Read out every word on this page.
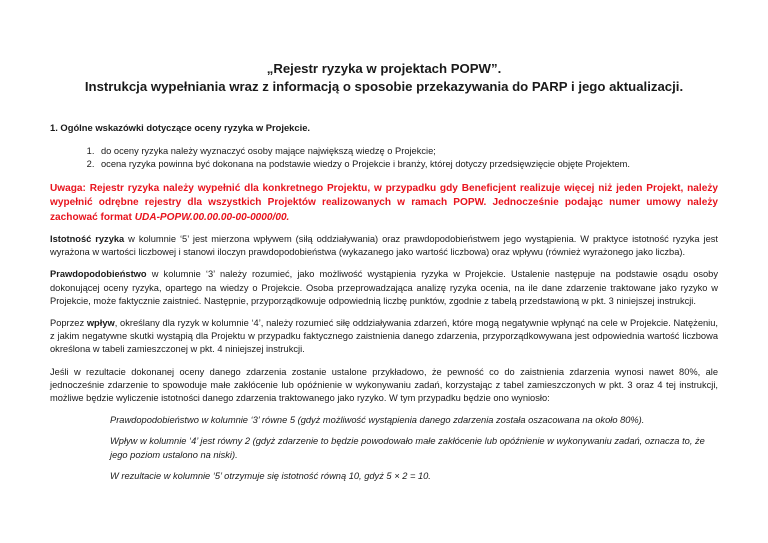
„Rejestr ryzyka w projektach POPW”.
Instrukcja wypełniania wraz z informacją o sposobie przekazywania do PARP i jego aktualizacji.
1. Ogólne wskazówki dotyczące oceny ryzyka w Projekcie.
1. do oceny ryzyka należy wyznaczyć osoby mające największą wiedzę o Projekcie;
2. ocena ryzyka powinna być dokonana na podstawie wiedzy o Projekcie i branży, której dotyczy przedsięwzięcie objęte Projektem.

Uwaga: Rejestr ryzyka należy wypełnić dla konkretnego Projektu, w przypadku gdy Beneficjent realizuje więcej niż jeden Projekt, należy wypełnić odrębne rejestry dla wszystkich Projektów realizowanych w ramach POPW. Jednocześnie podając numer umowy należy zachować format UDA-POPW.00.00.00-00-0000/00.

Istotność ryzyka w kolumnie ‘5’ jest mierzona wpływem (siłą oddziaływania) oraz prawdopodobieństwem jego wystąpienia. W praktyce istotność ryzyka jest wyrażona w wartości liczbowej i stanowi iloczyn prawdopodobieństwa (wykazanego jako wartość liczbowa) oraz wpływu (również wyrażonego jako liczba).

Prawdopodobieństwo w kolumnie ‘3’ należy rozumieć, jako możliwość wystąpienia ryzyka w Projekcie. Ustalenie następuje na podstawie osądu osoby dokonującej oceny ryzyka, opartego na wiedzy o Projekcie. Osoba przeprowadzająca analizę ryzyka ocenia, na ile dane zdarzenie traktowane jako ryzyko w Projekcie, może faktycznie zaistnieć. Następnie, przyporządkowuje odpowiednią liczbę punktów, zgodnie z tabelą przedstawioną w pkt. 3 niniejszej instrukcji.

Poprzez wpływ, określany dla ryzyk w kolumnie ‘4’, należy rozumieć siłę oddziaływania zdarzeń, które mogą negatywnie wpłynąć na cele w Projekcie. Natężeniu, z jakim negatywne skutki wystąpią dla Projektu w przypadku faktycznego zaistnienia danego zdarzenia, przyporządkowywana jest odpowiednia wartość liczbowa określona w tabeli zamieszczonej w pkt. 4 niniejszej instrukcji.

Jeśli w rezultacie dokonanej oceny danego zdarzenia zostanie ustalone przykładowo, że pewność co do zaistnienia zdarzenia wynosi nawet 80%, ale jednocześnie zdarzenie to spowoduje małe zakłócenie lub opóźnienie w wykonywaniu zadań, korzystając z tabel zamieszczonych w pkt. 3 oraz 4 tej instrukcji, możliwe będzie wyliczenie istotności danego zdarzenia traktowanego jako ryzyko. W tym przypadku będzie ono wyniosło:

Prawdopodobieństwo w kolumnie ‘3’ równe 5 (gdyż możliwość wystąpienia danego zdarzenia została oszacowana na około 80%).

Wpływ w kolumnie ‘4’ jest równy 2 (gdyż zdarzenie to będzie powodowało małe zakłócenie lub opóźnienie w wykonywaniu zadań, oznacza to, że jego poziom ustalono na niski).

W rezultacie w kolumnie ‘5’ otrzymuje się istotność równą 10, gdyż 5 × 2 = 10.
